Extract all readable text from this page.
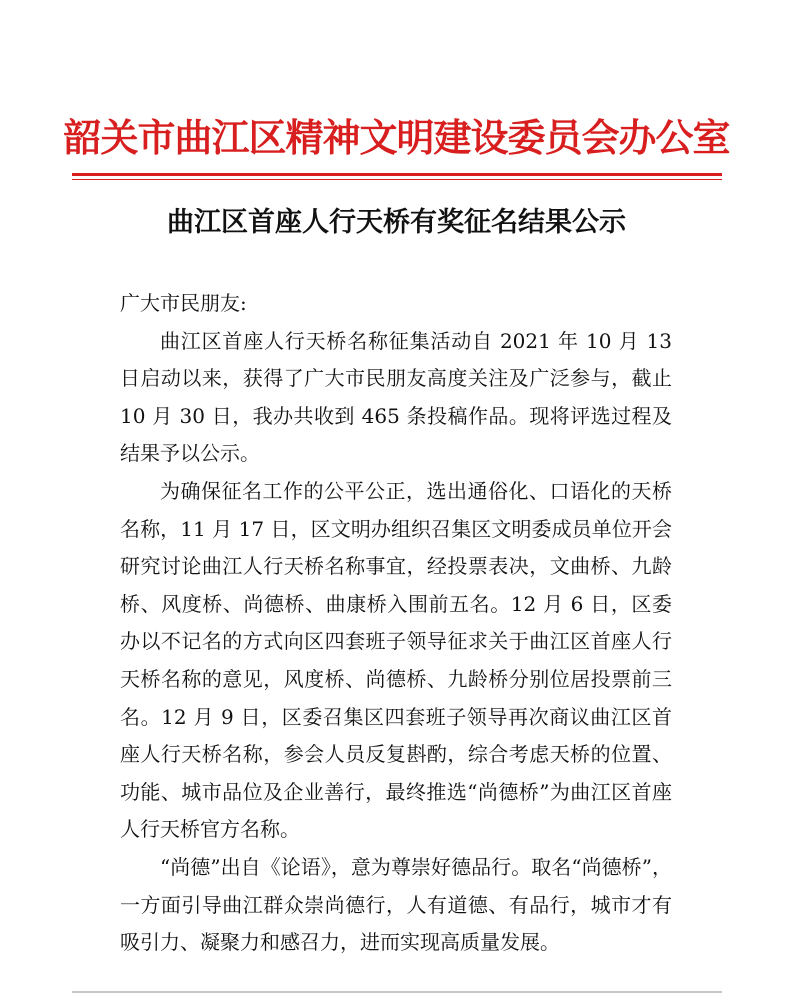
韶关市曲江区精神文明建设委员会办公室
曲江区首座人行天桥有奖征名结果公示

广大市民朋友:

曲江区首座人行天桥名称征集活动自 2021 年 10 月 13 日启动以来，获得了广大市民朋友高度关注及广泛参与，截止 10 月 30 日，我办共收到 465 条投稿作品。现将评选过程及结果予以公示。

为确保征名工作的公平公正，选出通俗化、口语化的天桥名称，11 月 17 日，区文明办组织召集区文明委成员单位开会研究讨论曲江人行天桥名称事宜，经投票表决，文曲桥、九龄桥、风度桥、尚德桥、曲康桥入围前五名。12 月 6 日，区委办以不记名的方式向区四套班子领导征求关于曲江区首座人行天桥名称的意见，风度桥、尚德桥、九龄桥分别位居投票前三名。12 月 9 日，区委召集区四套班子领导再次商议曲江区首座人行天桥名称，参会人员反复斟酌，综合考虑天桥的位置、功能、城市品位及企业善行，最终推选“尚德桥”为曲江区首座人行天桥官方名称。

“尚德”出自《论语》，意为尊崇好德品行。取名“尚德桥”，一方面引导曲江群众崇尚德行，人有道德、有品行，城市才有吸引力、凝聚力和感召力，进而实现高质量发展。
